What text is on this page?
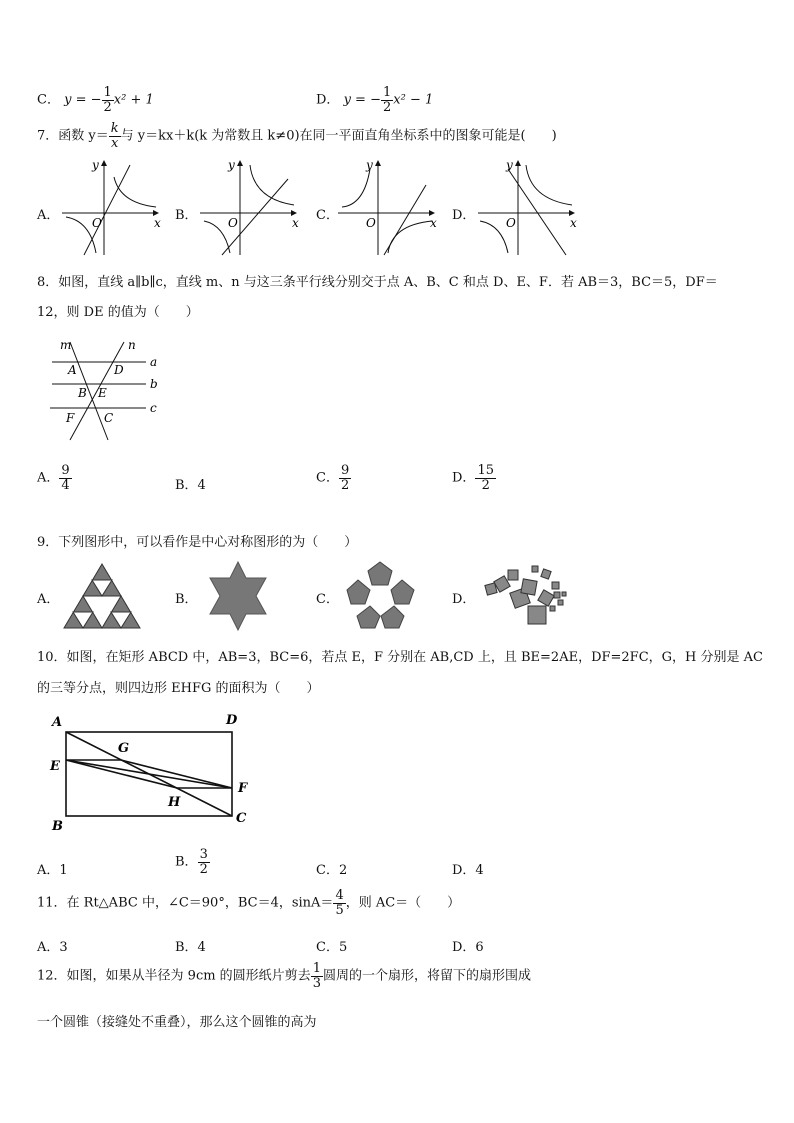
C． y = − $\frac{1}{2} x^2 + 1$	D． y = − $\frac{1}{2} x^2 - 1$
7．函数 $y= \frac{k}{x}$ 与 y＝kx＋k(k 为常数且 k≠0)在同一平面直角坐标系中的图象可能是(　　)
A．	B．	C．	D．
y
x
O
y
x
O
y
x
O
y
x
O
8．如图，直线 a∥b∥c，直线 m、n 与这三条平行线分别交于点 A、B、C 和点 D、E、F．若 AB＝3，BC＝5，DF＝
12，则 DE 的值为（　　）
m	n
a
b
c
A	D
B E
F C
A． $\frac{9}{4}$	B．4	C． $\frac{9}{2}$	D． $\frac{15}{2}$
9．下列图形中，可以看作是中心对称图形的为（　　）
A．	B．	C．	D．
10．如图，在矩形 ABCD 中，AB=3，BC=6，若点 E，F 分别在 AB,CD 上，且 BE=2AE，DF=2FC，G，H 分别是 AC
的三等分点，则四边形 EHFG 的面积为（　　）
A	D
E
G
F
H
B
C
A．1
B． $\frac{3}{2}$	C．2	D．4
11．在 Rt△ABC 中，∠C＝90°，BC＝4，$\sin A= \frac{4}{5}$ ，则 AC＝（　　）
A．3	B．4	C．5	D．6
12．如图，如果从半径为 9cm 的圆形纸片剪去 $\frac{1}{3}$ 圆周的一个扇形，将留下的扇形围成
一个圆锥（接缝处不重叠），那么这个圆锥的高为
